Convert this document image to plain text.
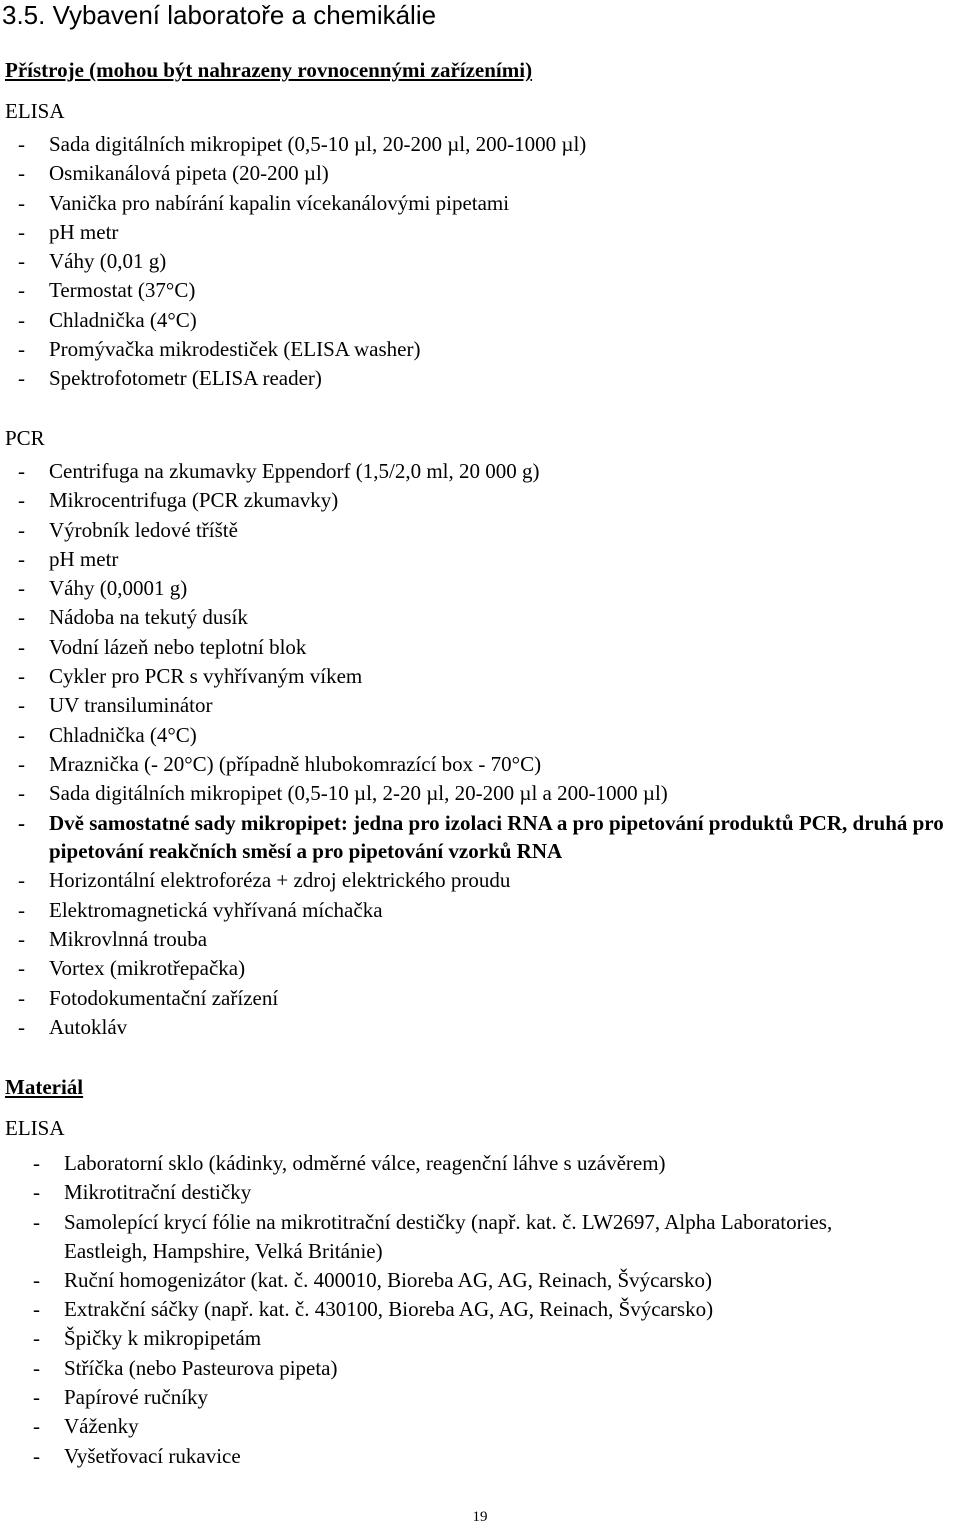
3.5. Vybavení laboratoře a chemikálie
Přístroje (mohou být nahrazeny rovnocennými zařízeními)
ELISA
- Sada digitálních mikropipet (0,5-10 µl, 20-200 µl, 200-1000 µl)
- Osmikanálová pipeta (20-200 µl)
- Vanička pro nabírání kapalin vícekanálovými pipetami
- pH metr
- Váhy (0,01 g)
- Termostat (37°C)
- Chladnička (4°C)
- Promývačka mikrodestiček (ELISA washer)
- Spektrofotometr (ELISA reader)
PCR
- Centrifuga na zkumavky Eppendorf (1,5/2,0 ml, 20 000 g)
- Mikrocentrifuga (PCR zkumavky)
- Výrobník ledové tříště
- pH metr
- Váhy (0,0001 g)
- Nádoba na tekutý dusík
- Vodní lázeň nebo teplotní blok
- Cykler pro PCR s vyhřívaným víkem
- UV transiluminátor
- Chladnička (4°C)
- Mraznička (- 20°C) (případně hlubokomrazící box - 70°C)
- Sada digitálních mikropipet (0,5-10 µl, 2-20 µl, 20-200 µl a 200-1000 µl)
- Dvě samostatné sady mikropipet: jedna pro izolaci RNA a pro pipetování produktů PCR, druhá pro pipetování reakčních směsí a pro pipetování vzorků RNA
- Horizontální elektroforéza + zdroj elektrického proudu
- Elektromagnetická vyhřívaná míchačka
- Mikrovlnná trouba
- Vortex (mikrotřepačka)
- Fotodokumentační zařízení
- Autokláv
Materiál
ELISA
- Laboratorní sklo (kádinky, odměrné válce, reagenční láhve s uzávěrem)
- Mikrotitrační destičky
- Samolepící krycí fólie na mikrotitrační destičky (např. kat. č. LW2697, Alpha Laboratories, Eastleigh, Hampshire, Velká Británie)
- Ruční homogenizátor (kat. č. 400010, Bioreba AG, AG, Reinach, Švýcarsko)
- Extrakční sáčky (např. kat. č. 430100, Bioreba AG, AG, Reinach, Švýcarsko)
- Špičky k mikropipetám
- Stříčka (nebo Pasteurova pipeta)
- Papírové ručníky
- Váženky
- Vyšetřovací rukavice
19
